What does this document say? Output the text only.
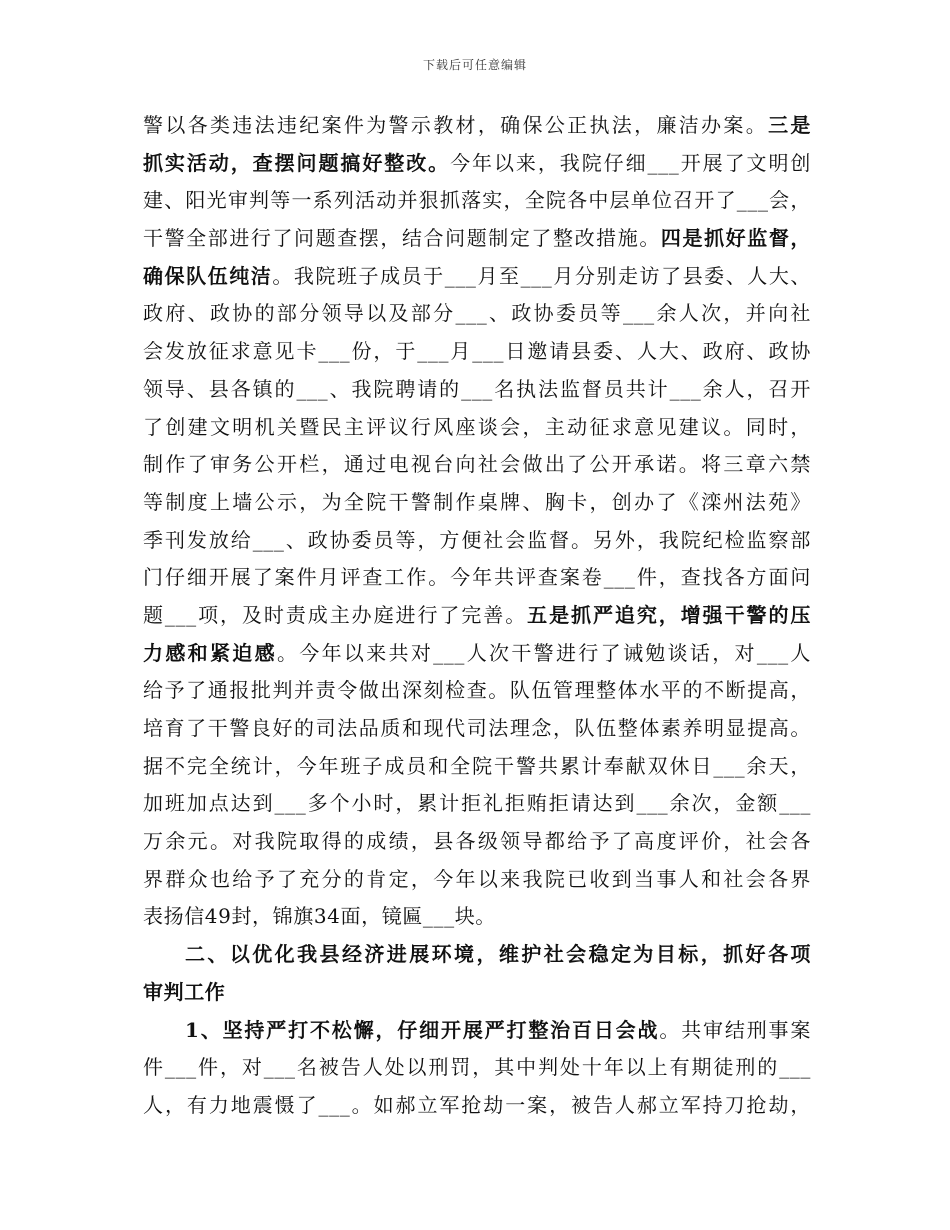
下载后可任意编辑
警以各类违法违纪案件为警示教材，确保公正执法，廉洁办案。三是
抓实活动，查摆问题搞好整改。今年以来，我院仔细___开展了文明创
建、阳光审判等一系列活动并狠抓落实，全院各中层单位召开了___会，
干警全部进行了问题查摆，结合问题制定了整改措施。四是抓好监督，
确保队伍纯洁。我院班子成员于___月至___月分别走访了县委、人大、
政府、政协的部分领导以及部分___、政协委员等___余人次，并向社
会发放征求意见卡___份，于___月___日邀请县委、人大、政府、政协
领导、县各镇的___、我院聘请的___名执法监督员共计___余人，召开
了创建文明机关暨民主评议行风座谈会，主动征求意见建议。同时，
制作了审务公开栏，通过电视台向社会做出了公开承诺。将三章六禁
等制度上墙公示，为全院干警制作桌牌、胸卡，创办了《滦州法苑》
季刊发放给___、政协委员等，方便社会监督。另外，我院纪检监察部
门仔细开展了案件月评查工作。今年共评查案卷___件，查找各方面问
题___项，及时责成主办庭进行了完善。五是抓严追究，增强干警的压
力感和紧迫感。今年以来共对___人次干警进行了诫勉谈话，对___人
给予了通报批判并责令做出深刻检查。队伍管理整体水平的不断提高，
培育了干警良好的司法品质和现代司法理念，队伍整体素养明显提高。
据不完全统计，今年班子成员和全院干警共累计奉献双休日___余天，
加班加点达到___多个小时，累计拒礼拒贿拒请达到___余次，金额___
万余元。对我院取得的成绩，县各级领导都给予了高度评价，社会各
界群众也给予了充分的肯定，今年以来我院已收到当事人和社会各界
表扬信49封，锦旗34面，镜匾___块。
二、以优化我县经济进展环境，维护社会稳定为目标，抓好各项
审判工作
1、坚持严打不松懈，仔细开展严打整治百日会战。共审结刑事案
件___件，对___名被告人处以刑罚，其中判处十年以上有期徒刑的___
人，有力地震慑了___。如郝立军抢劫一案，被告人郝立军持刀抢劫，
